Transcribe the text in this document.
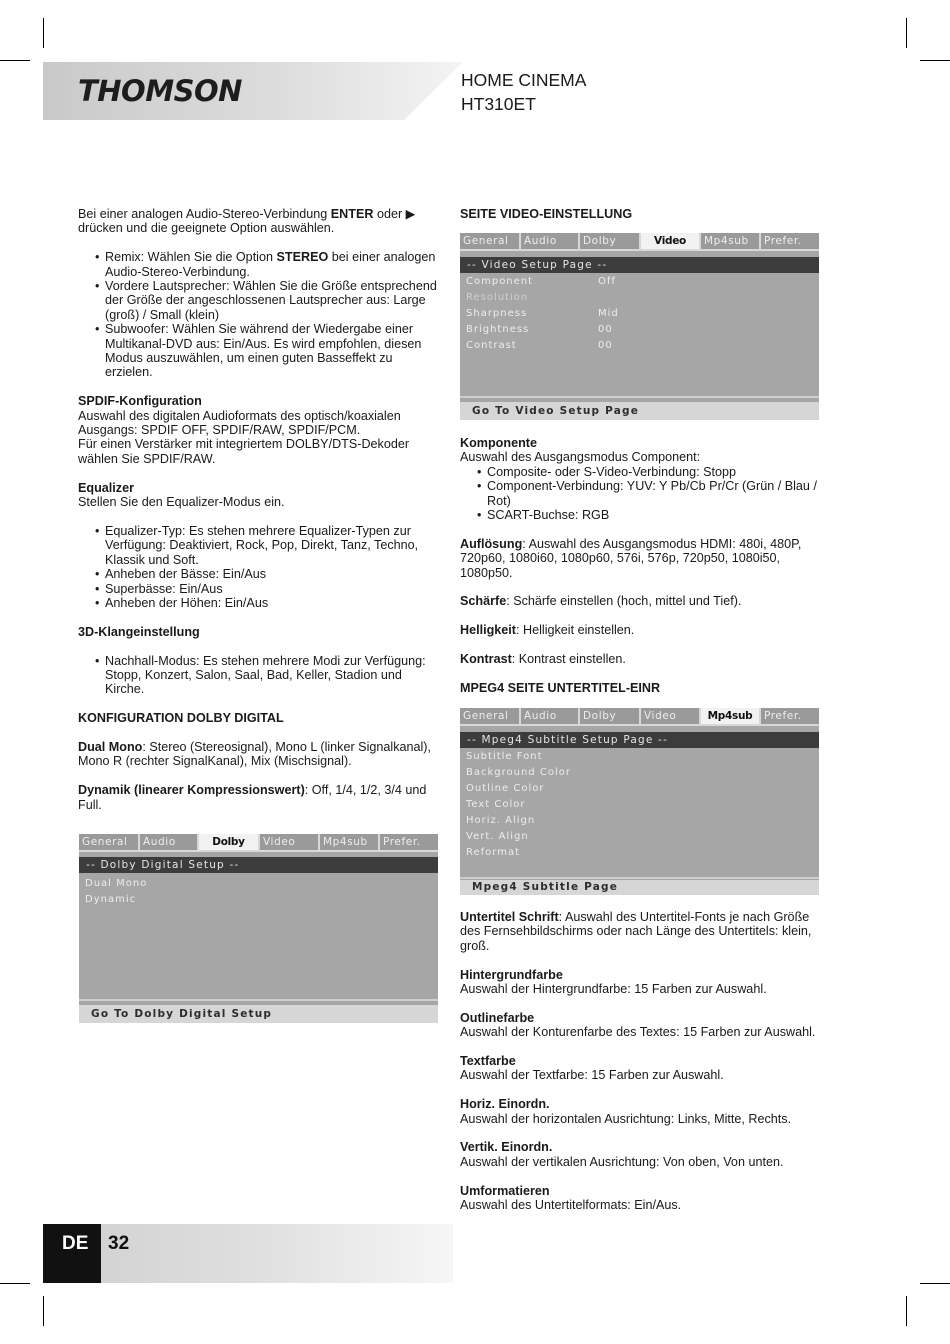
THOMSON	HOME CINEMA
HT310ET

Bei einer analogen Audio-Stereo-Verbindung ENTER oder ▶ drücken und die geeignete Option auswählen.

• Remix: Wählen Sie die Option STEREO bei einer analogen Audio-Stereo-Verbindung.
• Vordere Lautsprecher: Wählen Sie die Größe entsprechend der Größe der angeschlossenen Lautsprecher aus: Large (groß) / Small (klein)
• Subwoofer: Wählen Sie während der Wiedergabe einer Multikanal-DVD aus: Ein/Aus. Es wird empfohlen, diesen Modus auszuwählen, um einen guten Basseffekt zu erzielen.

SPDIF-Konfiguration

Auswahl des digitalen Audioformats des optisch/koaxialen Ausgangs: SPDIF OFF, SPDIF/RAW, SPDIF/PCM.

Für einen Verstärker mit integriertem DOLBY/DTS-Dekoder wählen Sie SPDIF/RAW.

Equalizer

Stellen Sie den Equalizer-Modus ein.

• Equalizer-Typ: Es stehen mehrere Equalizer-Typen zur Verfügung: Deaktiviert, Rock, Pop, Direkt, Tanz, Techno, Klassik und Soft.
• Anheben der Bässe: Ein/Aus
• Superbässe: Ein/Aus
• Anheben der Höhen: Ein/Aus

3D-Klangeinstellung

• Nachhall-Modus: Es stehen mehrere Modi zur Verfügung: Stopp, Konzert, Salon, Saal, Bad, Keller, Stadion und Kirche.

KONFIGURATION DOLBY DIGITAL

Dual Mono: Stereo (Stereosignal), Mono L (linker Signalkanal), Mono R (rechter SignalKanal), Mix (Mischsignal).

Dynamik (linearer Kompressionswert): Off, 1/4, 1/2, 3/4 und Full.

General	Audio	Dolby	Video	Mp4sub	Prefer.
-- Dolby Digital Setup --
Dual Mono
Dynamic
Go To Dolby Digital Setup

SEITE VIDEO-EINSTELLUNG

General	Audio	Dolby	Video	Mp4sub	Prefer.
-- Video Setup Page --
Component	Off
Resolution
Sharpness	Mid
Brightness	00
Contrast	00
Go To Video Setup Page

Komponente

Auswahl des Ausgangsmodus Component:

• Composite- oder S-Video-Verbindung: Stopp
• Component-Verbindung: YUV: Y Pb/Cb Pr/Cr (Grün / Blau / Rot)
• SCART-Buchse: RGB

Auflösung: Auswahl des Ausgangsmodus HDMI: 480i, 480P, 720p60, 1080i60, 1080p60, 576i, 576p, 720p50, 1080i50, 1080p50.

Schärfe: Schärfe einstellen (hoch, mittel und Tief).

Helligkeit: Helligkeit einstellen.

Kontrast: Kontrast einstellen.

MPEG4 SEITE UNTERTITEL-EINR

General	Audio	Dolby	Video	Mp4sub	Prefer.
-- Mpeg4 Subtitle Setup Page --
Subtitle Font
Background Color
Outline Color
Text Color
Horiz. Align
Vert. Align
Reformat
Mpeg4 Subtitle Page

Untertitel Schrift: Auswahl des Untertitel-Fonts je nach Größe des Fernsehbildschirms oder nach Länge des Untertitels: klein, groß.

Hintergrundfarbe

Auswahl der Hintergrundfarbe: 15 Farben zur Auswahl.

Outlinefarbe

Auswahl der Konturenfarbe des Textes: 15 Farben zur Auswahl.

Textfarbe

Auswahl der Textfarbe: 15 Farben zur Auswahl.

Horiz. Einordn.

Auswahl der horizontalen Ausrichtung: Links, Mitte, Rechts.

Vertik. Einordn.

Auswahl der vertikalen Ausrichtung: Von oben, Von unten.

Umformatieren

Auswahl des Untertitelformats: Ein/Aus.

DE 32
